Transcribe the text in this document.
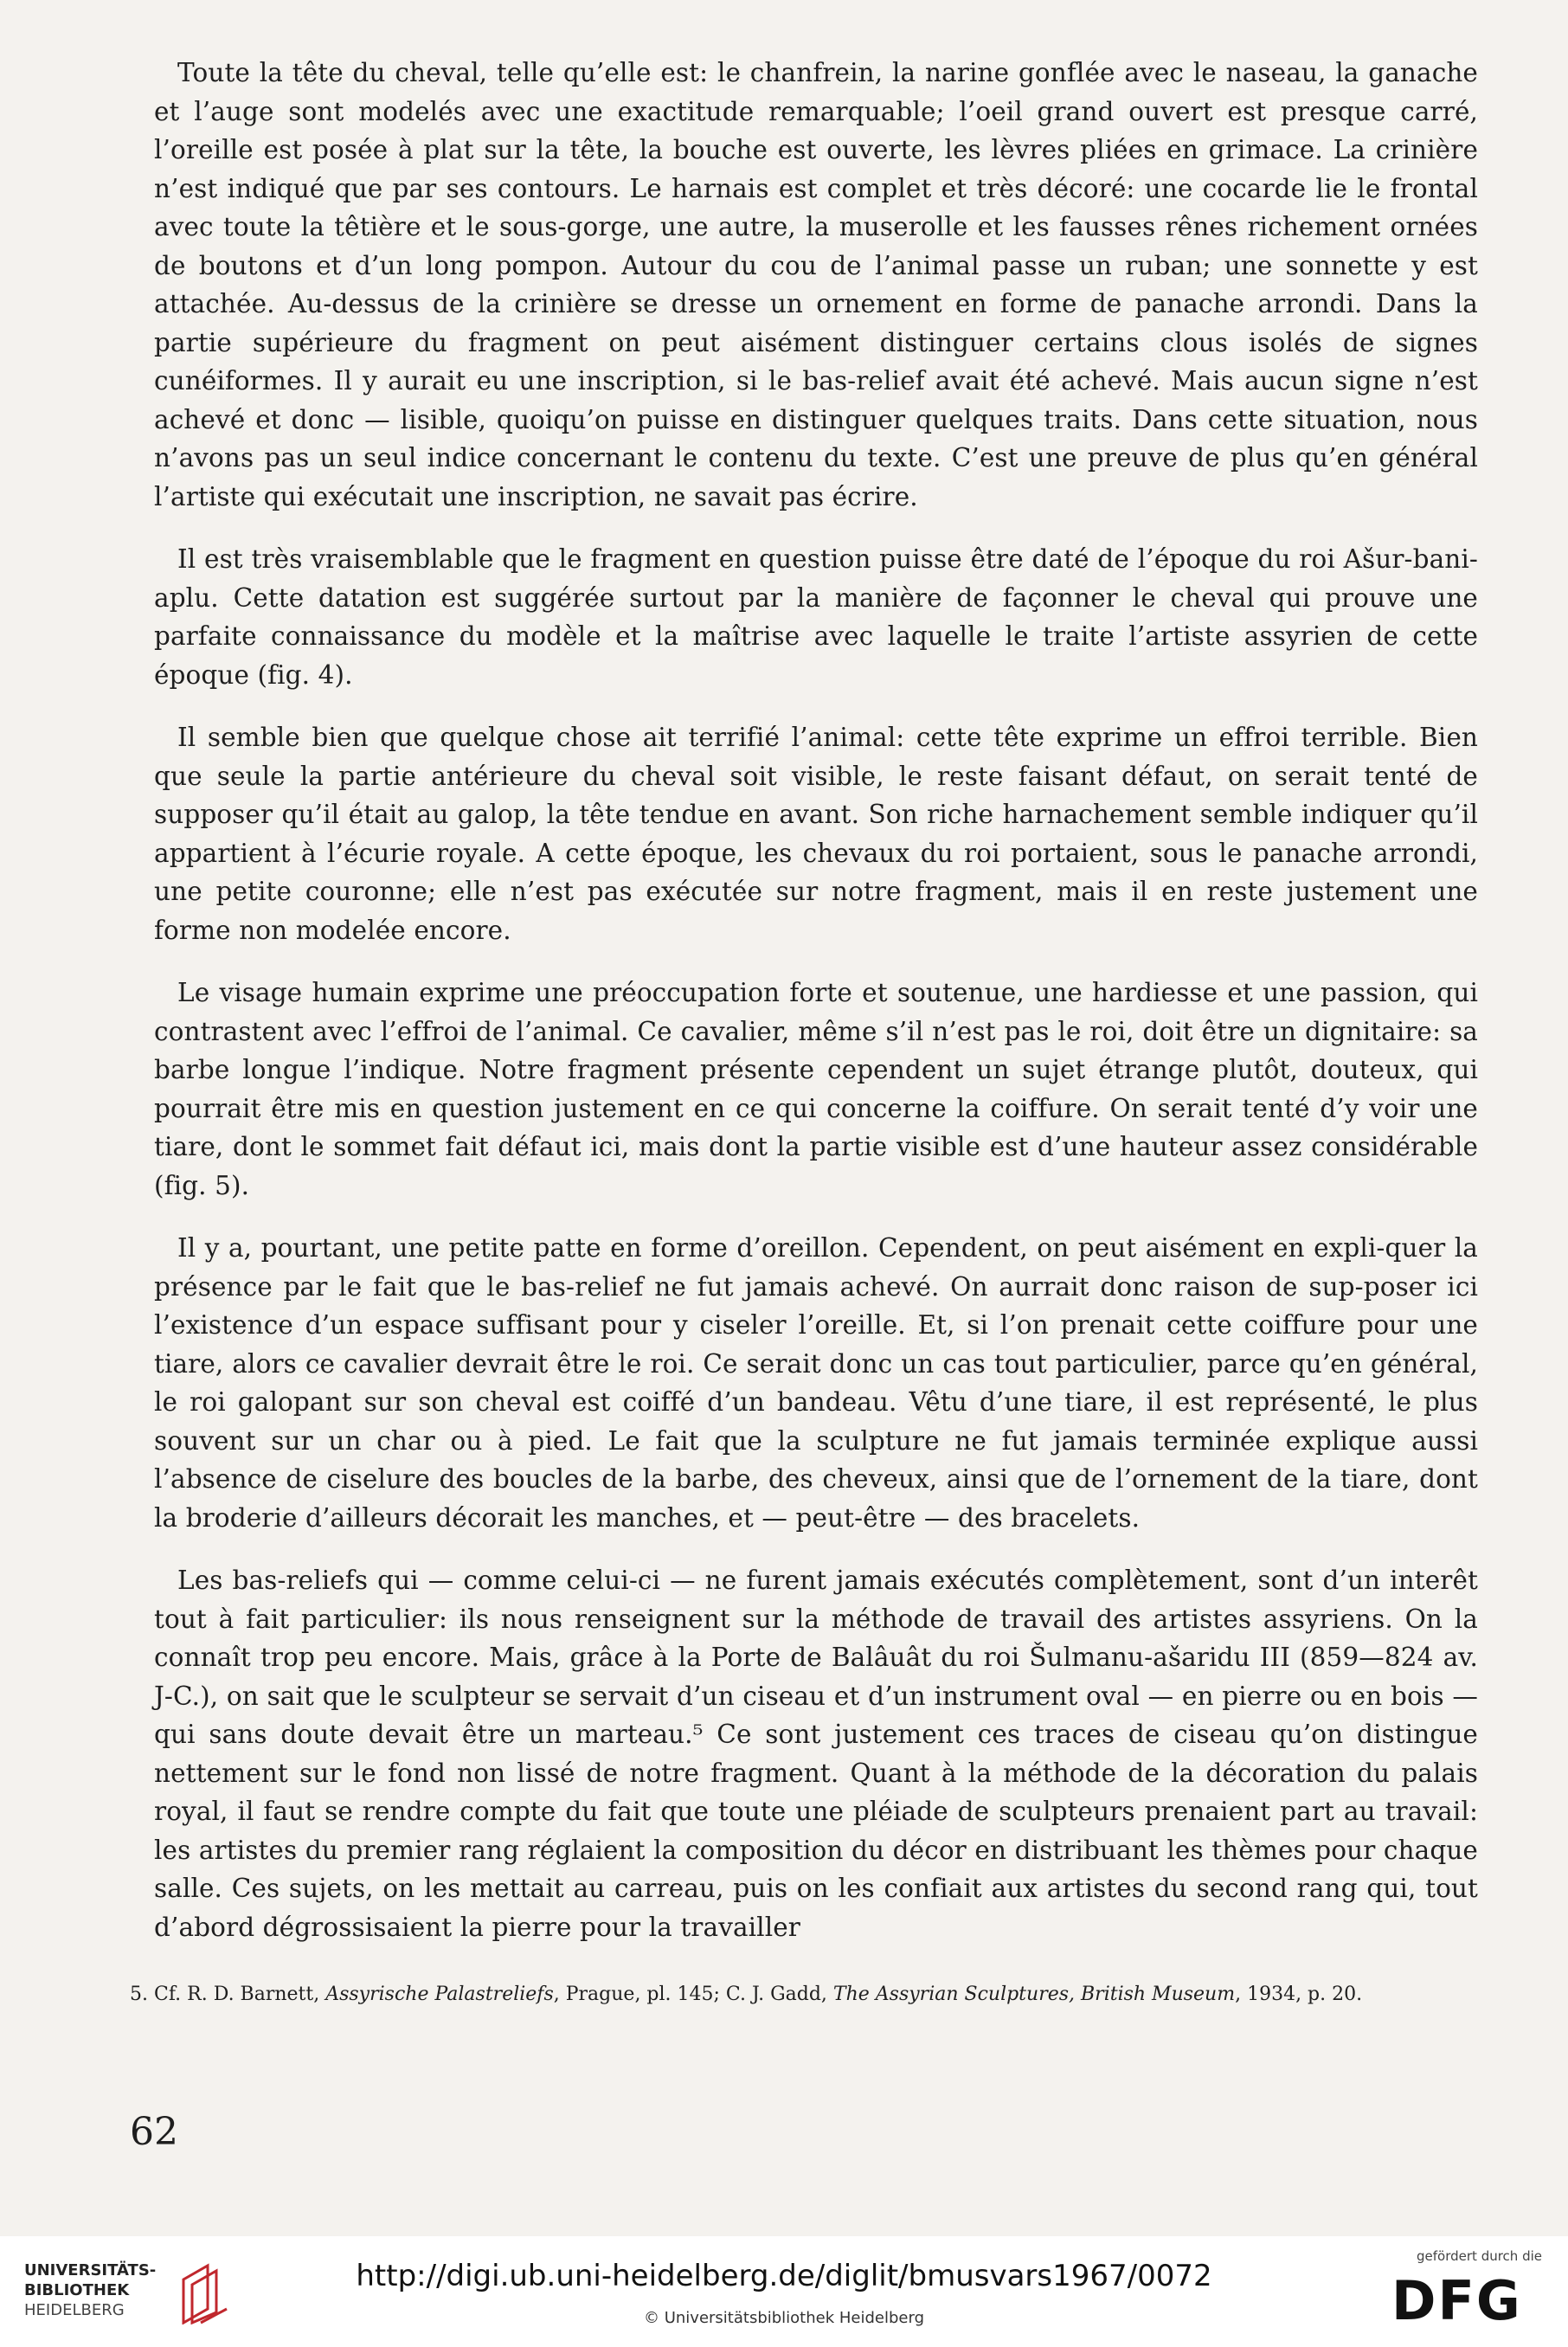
Toute la tête du cheval, telle qu’elle est: le chanfrein, la narine gonflée avec le naseau, la ganache et l’auge sont modelés avec une exactitude remarquable; l’oeil grand ouvert est presque carré, l’oreille est posée à plat sur la tête, la bouche est ouverte, les lèvres pliées en grimace. La crinière n’est indiqué que par ses contours. Le harnais est complet et très décoré: une cocarde lie le frontal avec toute la têtière et le sous-gorge, une autre, la muserolle et les fausses rênes richement ornées de boutons et d’un long pompon. Autour du cou de l’animal passe un ruban; une sonnette y est attachée. Au-dessus de la crinière se dresse un ornement en forme de panache arrondi. Dans la partie supérieure du fragment on peut aisément distinguer certains clous isolés de signes cunéiformes. Il y aurait eu une inscription, si le bas-relief avait été achevé. Mais aucun signe n’est achevé et donc — lisible, quoiqu’on puisse en distinguer quelques traits. Dans cette situation, nous n’avons pas un seul indice concernant le contenu du texte. C’est une preuve de plus qu’en général l’artiste qui exécutait une inscription, ne savait pas écrire.

Il est très vraisemblable que le fragment en question puisse être daté de l’époque du roi Ašur-bani-aplu. Cette datation est suggérée surtout par la manière de façonner le cheval qui prouve une parfaite connaissance du modèle et la maîtrise avec laquelle le traite l’artiste assyrien de cette époque (fig. 4).

Il semble bien que quelque chose ait terrifié l’animal: cette tête exprime un effroi terrible. Bien que seule la partie antérieure du cheval soit visible, le reste faisant défaut, on serait tenté de supposer qu’il était au galop, la tête tendue en avant. Son riche harnachement semble indiquer qu’il appartient à l’écurie royale. A cette époque, les chevaux du roi portaient, sous le panache arrondi, une petite couronne; elle n’est pas exécutée sur notre fragment, mais il en reste justement une forme non modelée encore.

Le visage humain exprime une préoccupation forte et soutenue, une hardiesse et une passion, qui contrastent avec l’effroi de l’animal. Ce cavalier, même s’il n’est pas le roi, doit être un dignitaire: sa barbe longue l’indique. Notre fragment présente cependent un sujet étrange plutôt, douteux, qui pourrait être mis en question justement en ce qui concerne la coiffure. On serait tenté d’y voir une tiare, dont le sommet fait défaut ici, mais dont la partie visible est d’une hauteur assez considérable (fig. 5).

Il y a, pourtant, une petite patte en forme d’oreillon. Cependent, on peut aisément en expli-quer la présence par le fait que le bas-relief ne fut jamais achevé. On aurrait donc raison de sup-poser ici l’existence d’un espace suffisant pour y ciseler l’oreille. Et, si l’on prenait cette coiffure pour une tiare, alors ce cavalier devrait être le roi. Ce serait donc un cas tout particulier, parce qu’en général, le roi galopant sur son cheval est coiffé d’un bandeau. Vêtu d’une tiare, il est représenté, le plus souvent sur un char ou à pied. Le fait que la sculpture ne fut jamais terminée explique aussi l’absence de ciselure des boucles de la barbe, des cheveux, ainsi que de l’ornement de la tiare, dont la broderie d’ailleurs décorait les manches, et — peut-être — des bracelets.

Les bas-reliefs qui — comme celui-ci — ne furent jamais exécutés complètement, sont d’un interêt tout à fait particulier: ils nous renseignent sur la méthode de travail des artistes assyriens. On la connaît trop peu encore. Mais, grâce à la Porte de Balâuât du roi Šulmanu-ašaridu III (859—824 av. J-C.), on sait que le sculpteur se servait d’un ciseau et d’un instrument oval — en pierre ou en bois — qui sans doute devait être un marteau.⁵ Ce sont justement ces traces de ciseau qu’on distingue nettement sur le fond non lissé de notre fragment. Quant à la méthode de la décoration du palais royal, il faut se rendre compte du fait que toute une pléiade de sculpteurs prenaient part au travail: les artistes du premier rang réglaient la composition du décor en distribuant les thèmes pour chaque salle. Ces sujets, on les mettait au carreau, puis on les confiait aux artistes du second rang qui, tout d’abord dégrossisaient la pierre pour la travailler

5. Cf. R. D. Barnett, Assyrische Palastreliefs, Prague, pl. 145; C. J. Gadd, The Assyrian Sculptures, British Museum, 1934, p. 20.

62
UNIVERSITÄTS-
BIBLIOTHEK
HEIDELBERG
http://digi.ub.uni-heidelberg.de/diglit/bmusvars1967/0072
© Universitätsbibliothek Heidelberg
gefördert durch die
DFG
